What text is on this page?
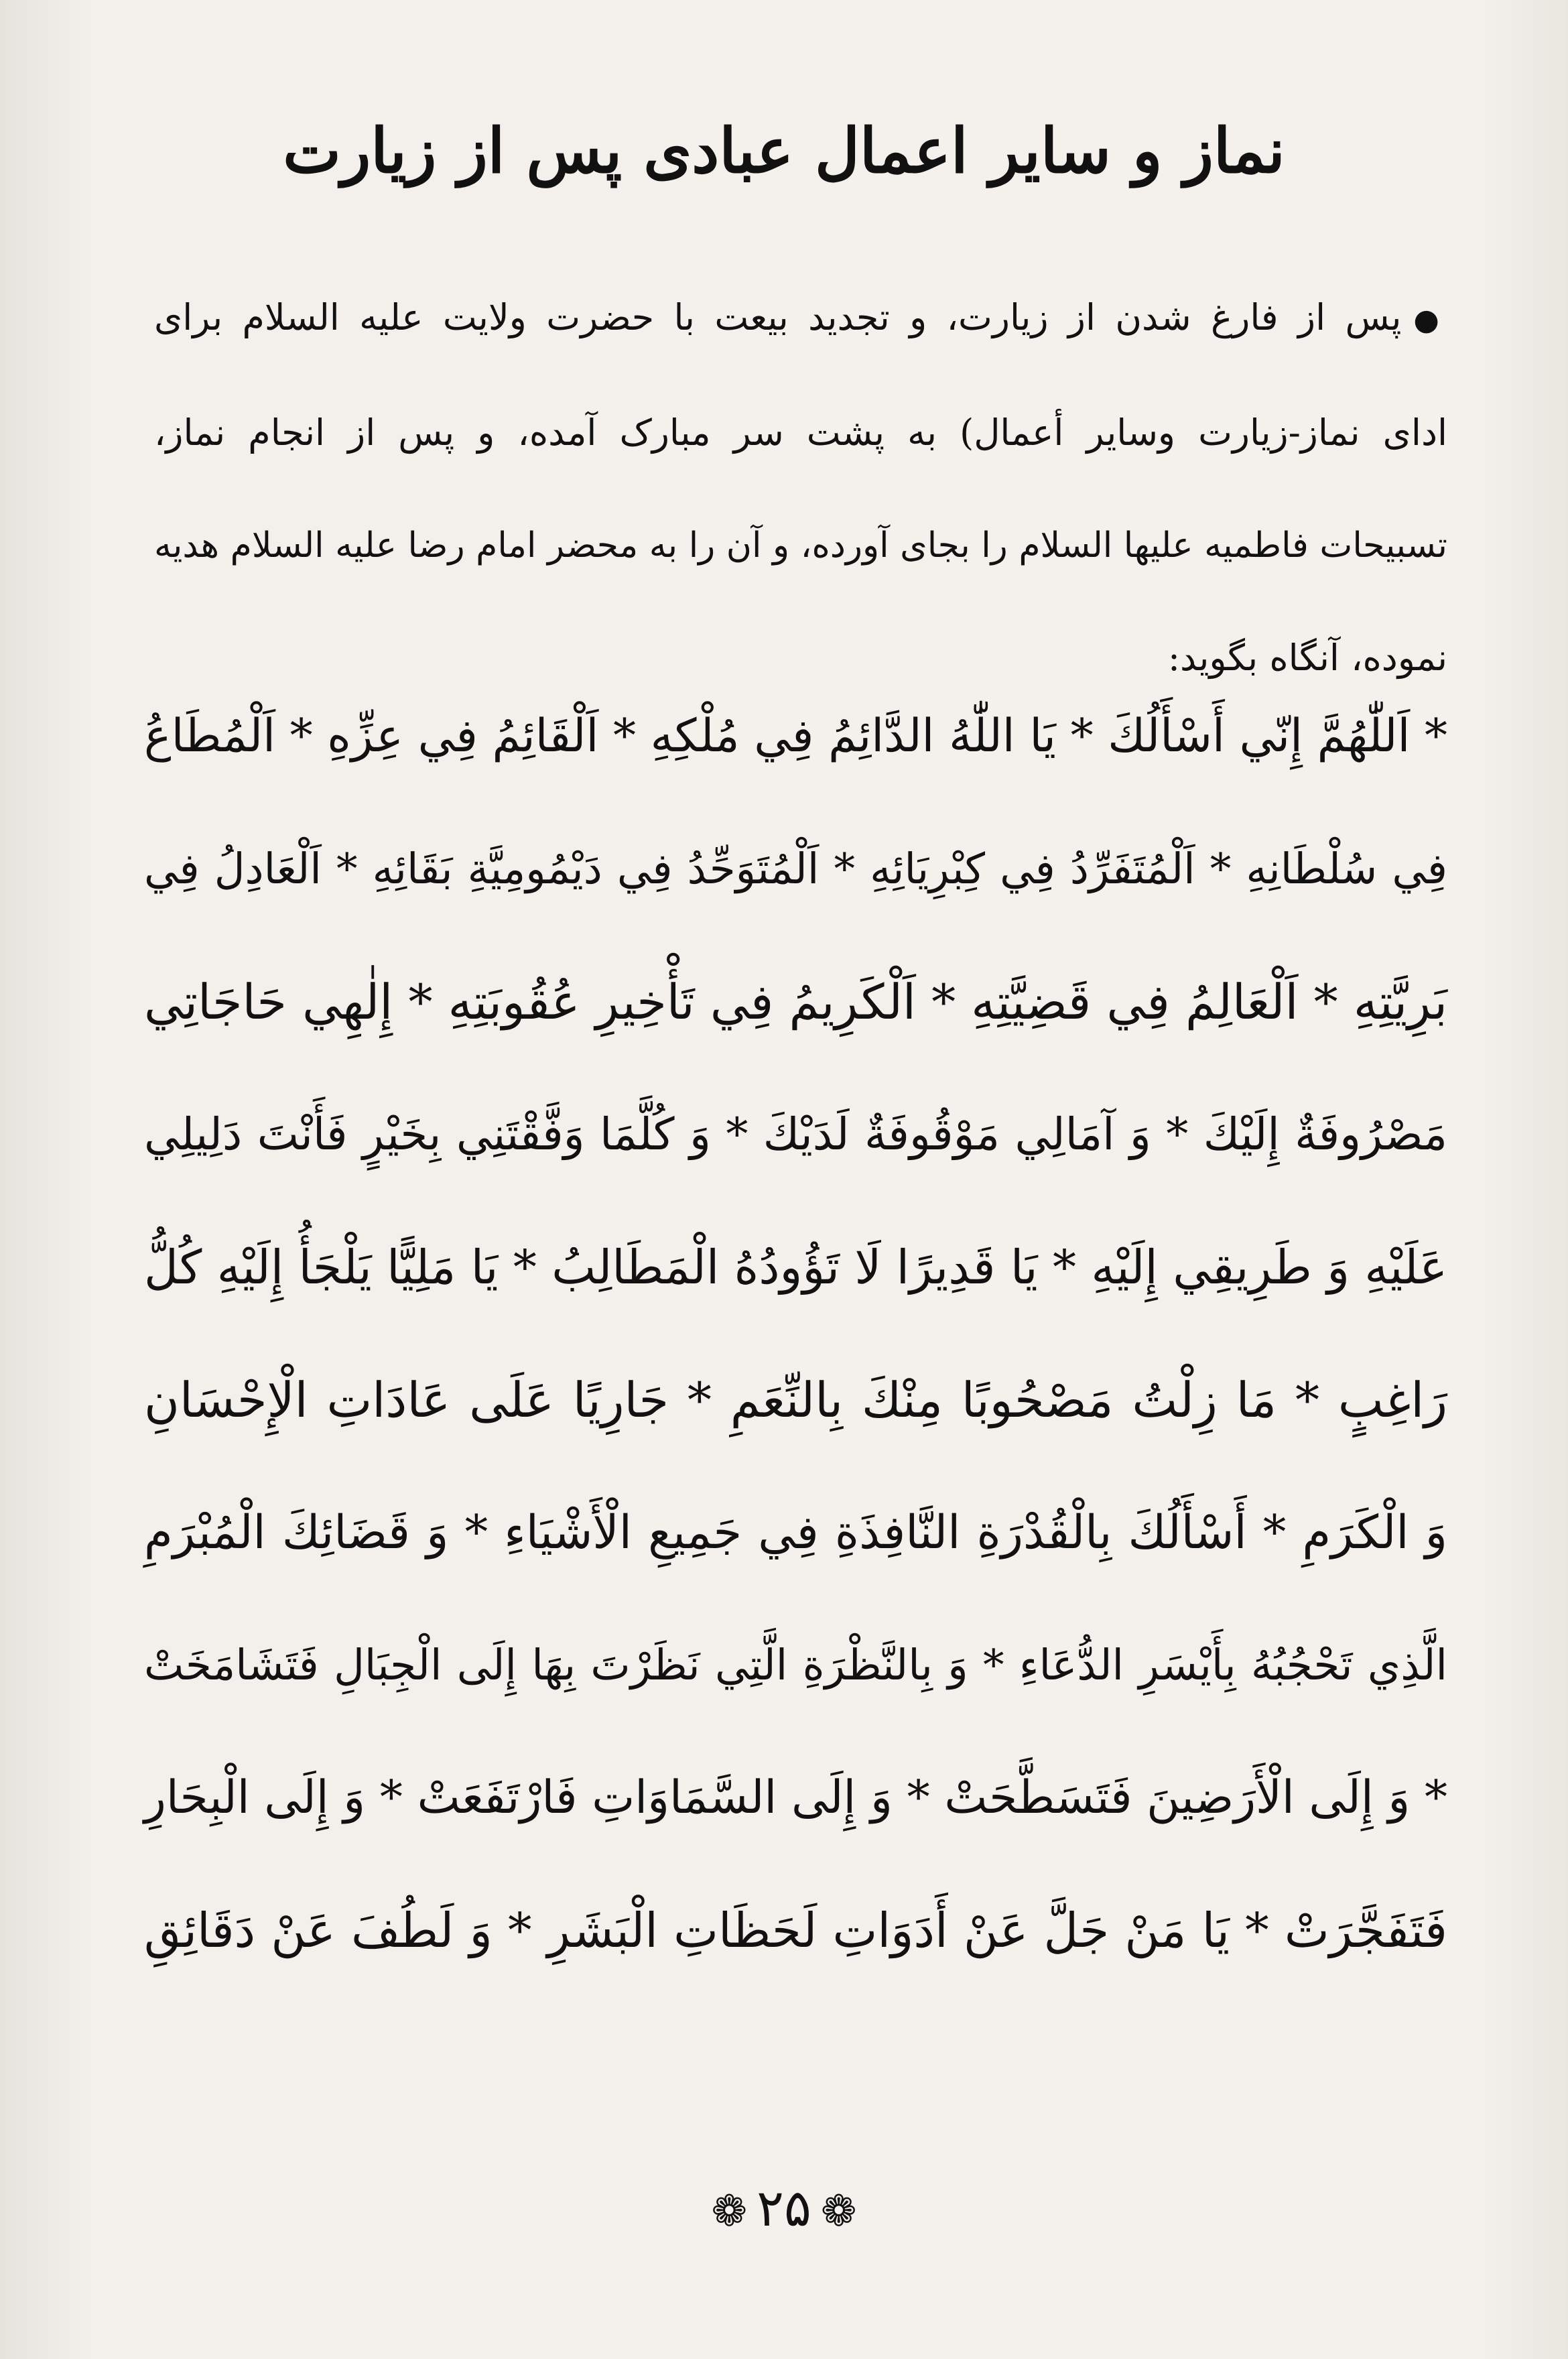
نماز و سایر اعمال عبادی پس از زیارت
●پس از فارغ شدن از زیارت، و تجدید بیعت با حضرت ولایت علیه السلام برای
ادای نماز-زیارت وسایر أعمال) به پشت سر مبارک آمده، و پس از انجام نماز،
تسبیحات فاطمیه علیها السلام را بجای آورده، و آن را به محضر امام رضا علیه السلام هدیه
نموده، آنگاه بگوید:
* اَللّٰهُمَّ إِنّي أَسْأَلُكَ * يَا اللّٰهُ الدَّائِمُ فِي مُلْكِهِ * اَلْقَائِمُ فِي عِزِّهِ * اَلْمُطَاعُ
فِي سُلْطَانِهِ * اَلْمُتَفَرِّدُ فِي كِبْرِيَائِهِ * اَلْمُتَوَحِّدُ فِي دَيْمُومِيَّةِ بَقَائِهِ * اَلْعَادِلُ فِي
بَرِيَّتِهِ * اَلْعَالِمُ فِي قَضِيَّتِهِ * اَلْكَرِيمُ فِي تَأْخِيرِ عُقُوبَتِهِ * إِلٰهِي حَاجَاتِي
مَصْرُوفَةٌ إِلَيْكَ * وَ آمَالِي مَوْقُوفَةٌ لَدَيْكَ * وَ كُلَّمَا وَفَّقْتَنِي بِخَيْرٍ فَأَنْتَ دَلِيلِي
عَلَيْهِ وَ طَرِيقِي إِلَيْهِ * يَا قَدِيرًا لَا تَؤُودُهُ الْمَطَالِبُ * يَا مَلِيًّا يَلْجَأُ إِلَيْهِ كُلُّ
رَاغِبٍ * مَا زِلْتُ مَصْحُوبًا مِنْكَ بِالنِّعَمِ * جَارِيًا عَلَى عَادَاتِ الْإِحْسَانِ
وَ الْكَرَمِ * أَسْأَلُكَ بِالْقُدْرَةِ النَّافِذَةِ فِي جَمِيعِ الْأَشْيَاءِ * وَ قَضَائِكَ الْمُبْرَمِ
الَّذِي تَحْجُبُهُ بِأَيْسَرِ الدُّعَاءِ * وَ بِالنَّظْرَةِ الَّتِي نَظَرْتَ بِهَا إِلَى الْجِبَالِ فَتَشَامَخَتْ
* وَ إِلَى الْأَرَضِينَ فَتَسَطَّحَتْ * وَ إِلَى السَّمَاوَاتِ فَارْتَفَعَتْ * وَ إِلَى الْبِحَارِ
فَتَفَجَّرَتْ * يَا مَنْ جَلَّ عَنْ أَدَوَاتِ لَحَظَاتِ الْبَشَرِ * وَ لَطُفَ عَنْ دَقَائِقِ
❁۲۵❁
